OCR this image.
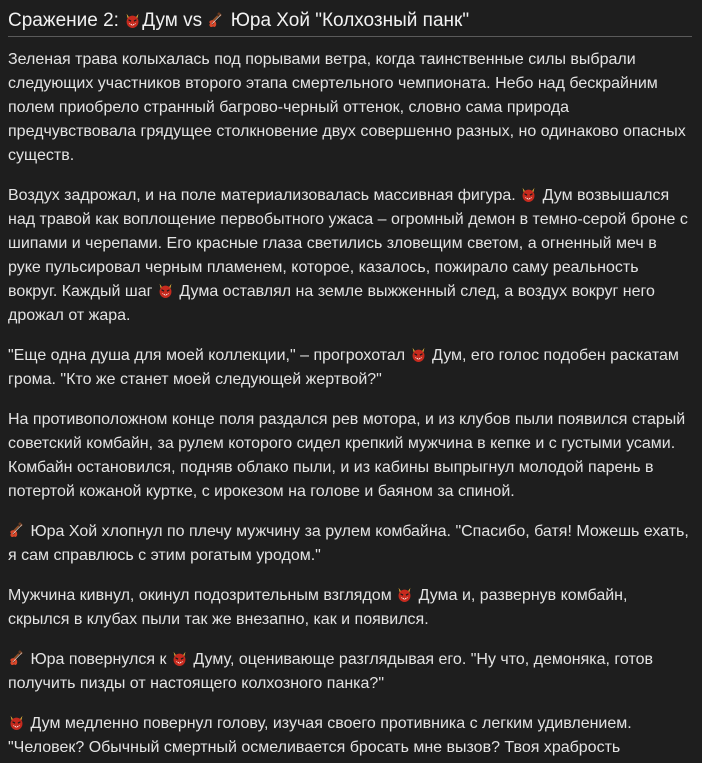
Сражение 2: Дум vs  Юра Хой "Колхозный панк"

Зеленая трава колыхалась под порывами ветра, когда таинственные силы выбрали следующих участников второго этапа смертельного чемпионата. Небо над бескрайним полем приобрело странный багрово-черный оттенок, словно сама природа предчувствовала грядущее столкновение двух совершенно разных, но одинаково опасных существ.

Воздух задрожал, и на поле материализовалась массивная фигура.  Дум возвышался над травой как воплощение первобытного ужаса – огромный демон в темно-серой броне с шипами и черепами. Его красные глаза светились зловещим светом, а огненный меч в руке пульсировал черным пламенем, которое, казалось, пожирало саму реальность вокруг. Каждый шаг  Дума оставлял на земле выжженный след, а воздух вокруг него дрожал от жара.

"Еще одна душа для моей коллекции," – прогрохотал  Дум, его голос подобен раскатам грома. "Кто же станет моей следующей жертвой?"

На противоположном конце поля раздался рев мотора, и из клубов пыли появился старый советский комбайн, за рулем которого сидел крепкий мужчина в кепке и с густыми усами. Комбайн остановился, подняв облако пыли, и из кабины выпрыгнул молодой парень в потертой кожаной куртке, с ирокезом на голове и баяном за спиной.

Юра Хой хлопнул по плечу мужчину за рулем комбайна. "Спасибо, батя! Можешь ехать, я сам справлюсь с этим рогатым уродом."

Мужчина кивнул, окинул подозрительным взглядом  Дума и, развернув комбайн, скрылся в клубах пыли так же внезапно, как и появился.

Юра повернулся к  Думу, оценивающе разглядывая его. "Ну что, демоняка, готов получить пизды от настоящего колхозного панка?"

Дум медленно повернул голову, изучая своего противника с легким удивлением. "Человек? Обычный смертный осмеливается бросать мне вызов? Твоя храбрость
